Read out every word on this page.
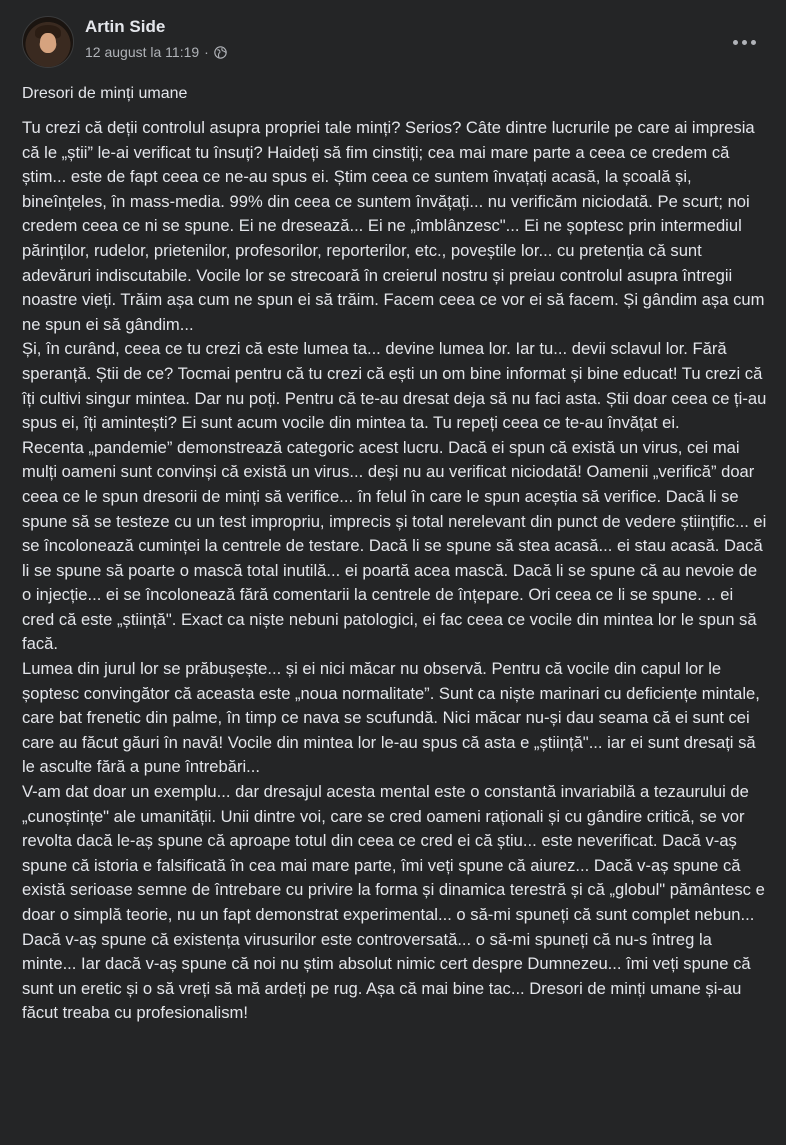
Artin Side
12 august la 11:19 ·
Dresori de minți umane

Tu crezi că deții controlul asupra propriei tale minți? Serios? Câte dintre lucrurile pe care ai impresia că le „știi” le-ai verificat tu însuți? Haideți să fim cinstiți; cea mai mare parte a ceea ce credem că știm... este de fapt ceea ce ne-au spus ei. Știm ceea ce suntem învațați acasă, la școală și, bineînțeles, în mass-media. 99% din ceea ce suntem învățați... nu verificăm niciodată. Pe scurt; noi credem ceea ce ni se spune. Ei ne dresează... Ei ne „îmblânzesc"... Ei ne șoptesc prin intermediul părinților, rudelor, prietenilor, profesorilor, reporterilor, etc., poveștile lor... cu pretenția că sunt adevăruri indiscutabile. Vocile lor se strecoară în creierul nostru și preiau controlul asupra întregii noastre vieți. Trăim așa cum ne spun ei să trăim. Facem ceea ce vor ei să facem. Și gândim așa cum ne spun ei să gândim...

Și, în curând, ceea ce tu crezi că este lumea ta... devine lumea lor. Iar tu... devii sclavul lor. Fără speranță. Știi de ce? Tocmai pentru că tu crezi că ești un om bine informat și bine educat! Tu crezi că îți cultivi singur mintea. Dar nu poți. Pentru că te-au dresat deja să nu faci asta. Știi doar ceea ce ți-au spus ei, îți amintești? Ei sunt acum vocile din mintea ta. Tu repeți ceea ce te-au învățat ei.

Recenta „pandemie” demonstrează categoric acest lucru. Dacă ei spun că există un virus, cei mai mulți oameni sunt convinși că există un virus... deși nu au verificat niciodată! Oamenii „verifică” doar ceea ce le spun dresorii de minți să verifice... în felul în care le spun aceștia să verifice. Dacă li se spune să se testeze cu un test impropriu, imprecis și total nerelevant din punct de vedere științific... ei se încolonează cuminței la centrele de testare. Dacă li se spune să stea acasă... ei stau acasă. Dacă li se spune să poarte o mască total inutilă... ei poartă acea mască. Dacă li se spune că au nevoie de o injecție... ei se încolonează fără comentarii la centrele de înțepare. Ori ceea ce li se spune. .. ei cred că este „știință". Exact ca niște nebuni patologici, ei fac ceea ce vocile din mintea lor le spun să facă.

Lumea din jurul lor se prăbușește... și ei nici măcar nu observă. Pentru că vocile din capul lor le șoptesc convingător că aceasta este „noua normalitate”. Sunt ca niște marinari cu deficiențe mintale, care bat frenetic din palme, în timp ce nava se scufundă. Nici măcar nu-și dau seama că ei sunt cei care au făcut găuri în navă! Vocile din mintea lor le-au spus că asta e „știință"... iar ei sunt dresați să le asculte fără a pune întrebări...

V-am dat doar un exemplu... dar dresajul acesta mental este o constantă invariabilă a tezaurului de „cunoștințe" ale umanității. Unii dintre voi, care se cred oameni raționali și cu gândire critică, se vor revolta dacă le-aș spune că aproape totul din ceea ce cred ei că știu... este neverificat. Dacă v-aș spune că istoria e falsificată în cea mai mare parte, îmi veți spune că aiurez... Dacă v-aș spune că există serioase semne de întrebare cu privire la forma și dinamica terestră și că „globul" pământesc e doar o simplă teorie, nu un fapt demonstrat experimental... o să-mi spuneți că sunt complet nebun... Dacă v-aș spune că existența virusurilor este controversată... o să-mi spuneți că nu-s întreg la minte... Iar dacă v-aș spune că noi nu știm absolut nimic cert despre Dumnezeu... îmi veți spune că sunt un eretic și o să vreți să mă ardeți pe rug. Așa că mai bine tac... Dresori de minți umane și-au făcut treaba cu profesionalism!
